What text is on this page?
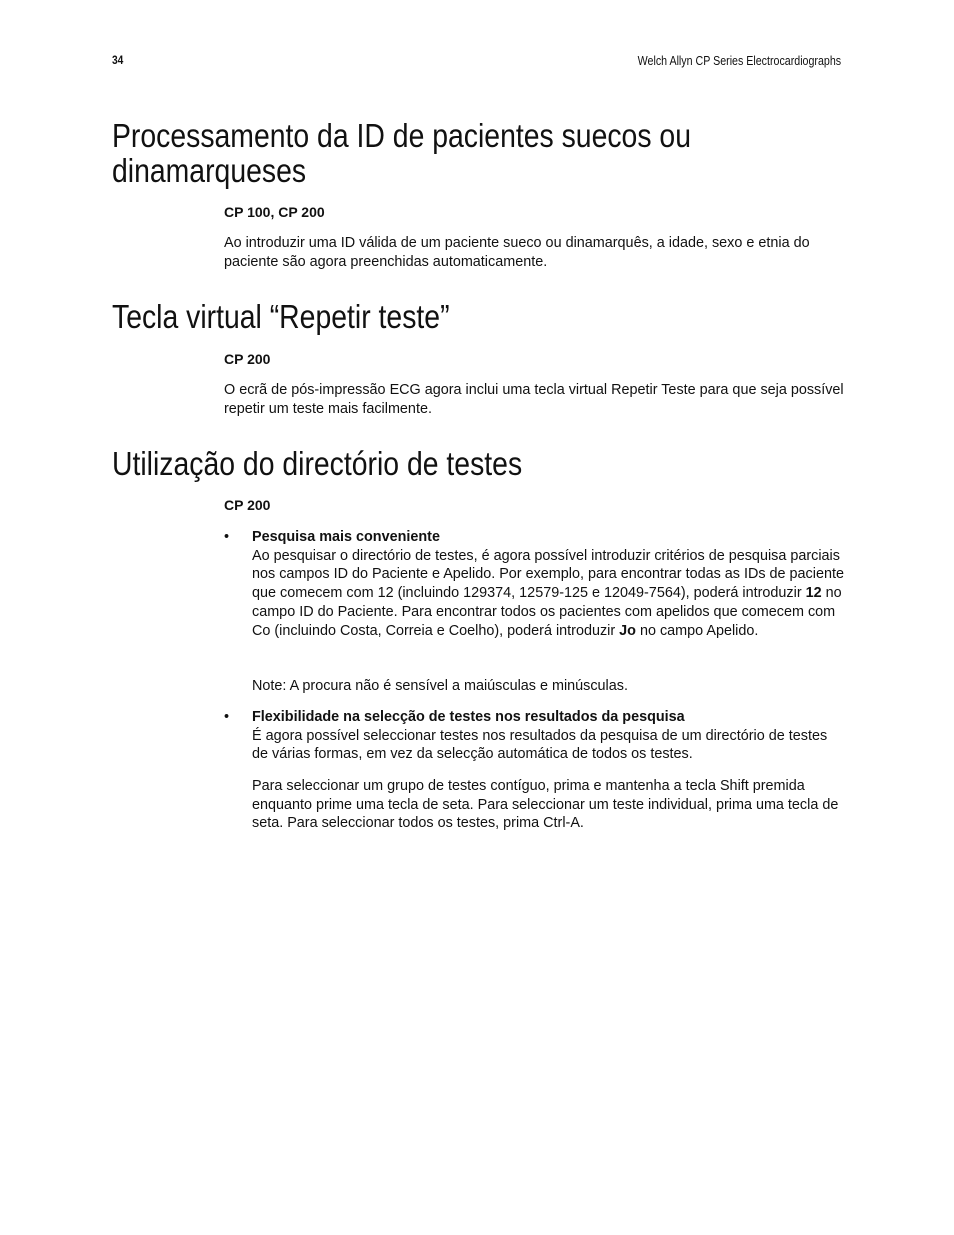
34	Welch Allyn CP Series Electrocardiographs
Processamento da ID de pacientes suecos ou
dinamarqueses

CP 100, CP 200

Ao introduzir uma ID válida de um paciente sueco ou dinamarquês, a idade, sexo e etnia do paciente são agora preenchidas automaticamente.

Tecla virtual “Repetir teste”

CP 200

O ecrã de pós-impressão ECG agora inclui uma tecla virtual Repetir Teste para que seja possível repetir um teste mais facilmente.

Utilização do directório de testes

CP 200

• Pesquisa mais conveniente
Ao pesquisar o directório de testes, é agora possível introduzir critérios de pesquisa parciais nos campos ID do Paciente e Apelido. Por exemplo, para encontrar todas as IDs de paciente que comecem com 12 (incluindo 129374, 12579-125 e 12049-7564), poderá introduzir 12 no campo ID do Paciente. Para encontrar todos os pacientes com apelidos que comecem com Co (incluindo Costa, Correia e Coelho), poderá introduzir Jo no campo Apelido.

Note: A procura não é sensível a maiúsculas e minúsculas.

• Flexibilidade na selecção de testes nos resultados da pesquisa
É agora possível seleccionar testes nos resultados da pesquisa de um directório de testes de várias formas, em vez da selecção automática de todos os testes.

Para seleccionar um grupo de testes contíguo, prima e mantenha a tecla Shift premida enquanto prime uma tecla de seta. Para seleccionar um teste individual, prima uma tecla de seta. Para seleccionar todos os testes, prima Ctrl-A.
